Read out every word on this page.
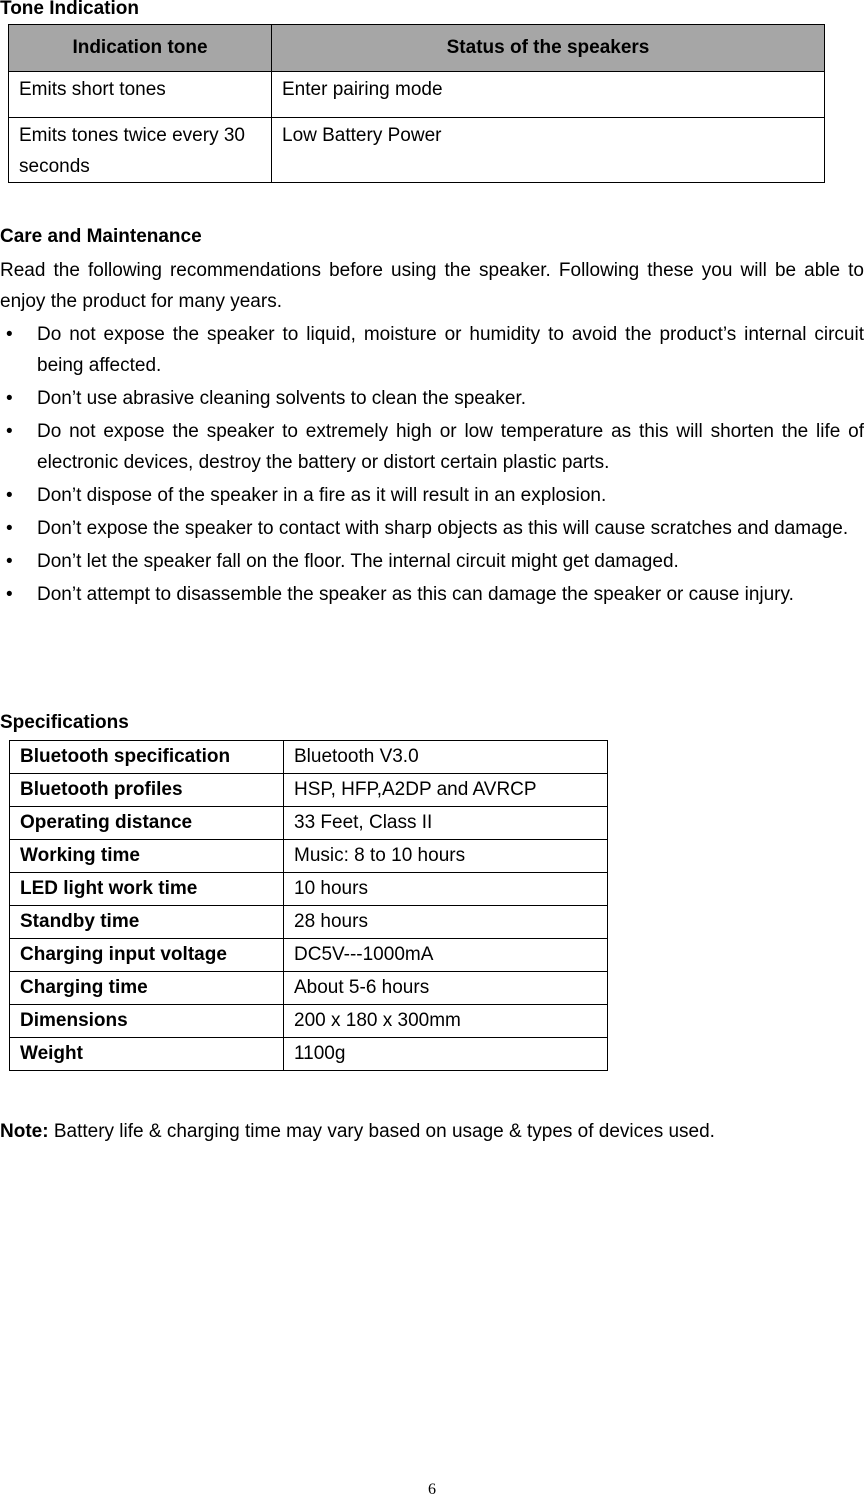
Tone Indication
Indication tone	Status of the speakers
Emits short tones	Enter pairing mode
Emits tones twice every 30 seconds	Low Battery Power
Care and Maintenance
Read the following recommendations before using the speaker. Following these you will be able to enjoy the product for many years.
• Do not expose the speaker to liquid, moisture or humidity to avoid the product’s internal circuit being affected.
• Don’t use abrasive cleaning solvents to clean the speaker.
• Do not expose the speaker to extremely high or low temperature as this will shorten the life of electronic devices, destroy the battery or distort certain plastic parts.
• Don’t dispose of the speaker in a fire as it will result in an explosion.
• Don’t expose the speaker to contact with sharp objects as this will cause scratches and damage.
• Don’t let the speaker fall on the floor. The internal circuit might get damaged.
• Don’t attempt to disassemble the speaker as this can damage the speaker or cause injury.
Specifications
Bluetooth specification	Bluetooth V3.0
Bluetooth profiles	HSP, HFP,A2DP and AVRCP
Operating distance	33 Feet, Class II
Working time	Music: 8 to 10 hours
LED light work time	10 hours
Standby time	28 hours
Charging input voltage	DC5V---1000mA
Charging time	About 5-6 hours
Dimensions	200 x 180 x 300mm
Weight	1100g
Note: Battery life & charging time may vary based on usage & types of devices used.
6
